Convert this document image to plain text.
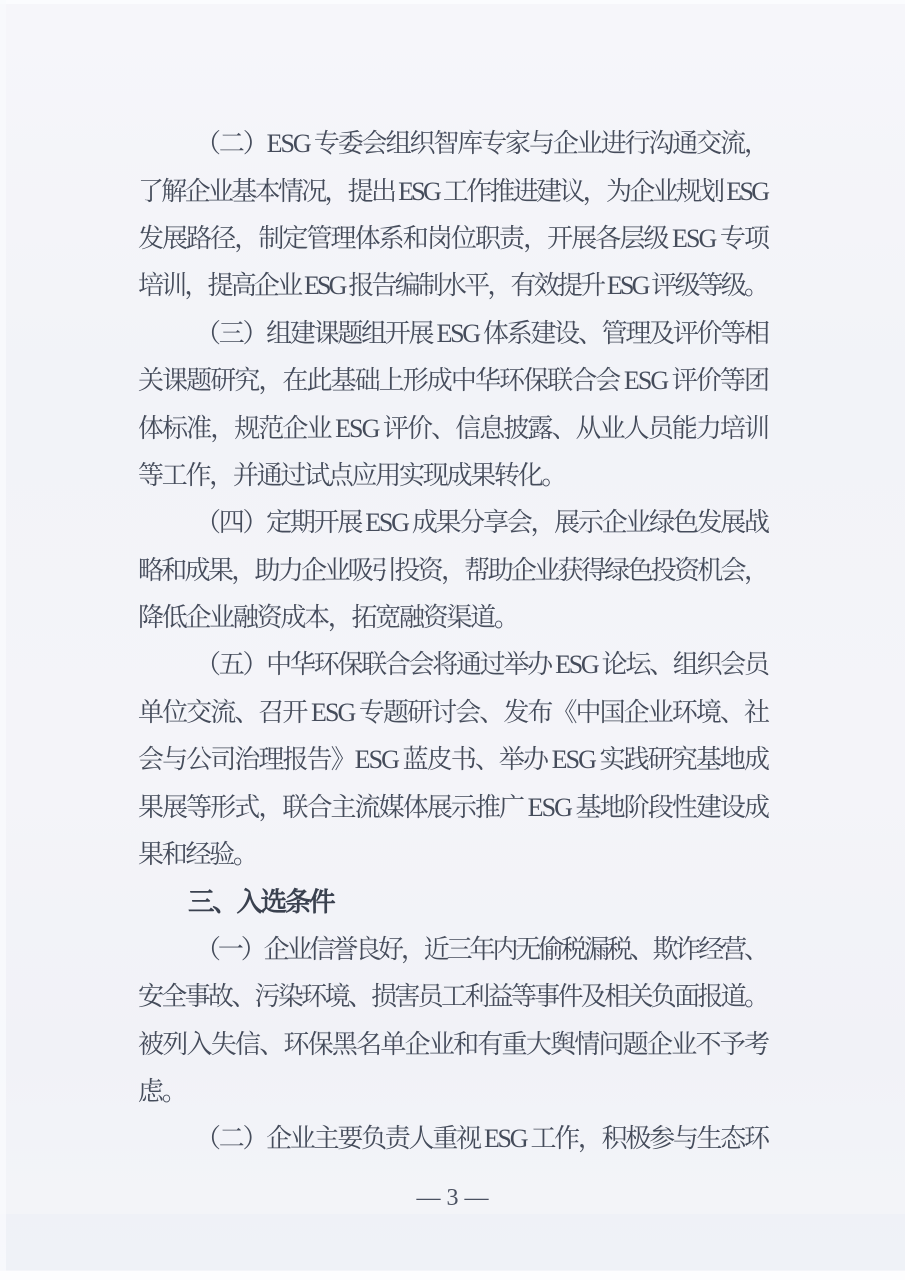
（二）ESG 专委会组织智库专家与企业进行沟通交流，
了解企业基本情况，提出 ESG 工作推进建议，为企业规划 ESG
发展路径，制定管理体系和岗位职责，开展各层级 ESG 专项
培训，提高企业 ESG 报告编制水平，有效提升 ESG 评级等级。
（三）组建课题组开展 ESG 体系建设、管理及评价等相
关课题研究，在此基础上形成中华环保联合会 ESG 评价等团
体标准，规范企业 ESG 评价、信息披露、从业人员能力培训
等工作，并通过试点应用实现成果转化。
（四）定期开展 ESG 成果分享会，展示企业绿色发展战
略和成果，助力企业吸引投资，帮助企业获得绿色投资机会，
降低企业融资成本，拓宽融资渠道。
（五）中华环保联合会将通过举办 ESG 论坛、组织会员
单位交流、召开 ESG 专题研讨会、发布《中国企业环境、社
会与公司治理报告》ESG 蓝皮书、举办 ESG 实践研究基地成
果展等形式，联合主流媒体展示推广 ESG 基地阶段性建设成
果和经验。
三、入选条件
（一）企业信誉良好，近三年内无偷税漏税、欺诈经营、
安全事故、污染环境、损害员工利益等事件及相关负面报道。
被列入失信、环保黑名单企业和有重大舆情问题企业不予考
虑。
（二）企业主要负责人重视 ESG 工作，积极参与生态环
— 3 —
